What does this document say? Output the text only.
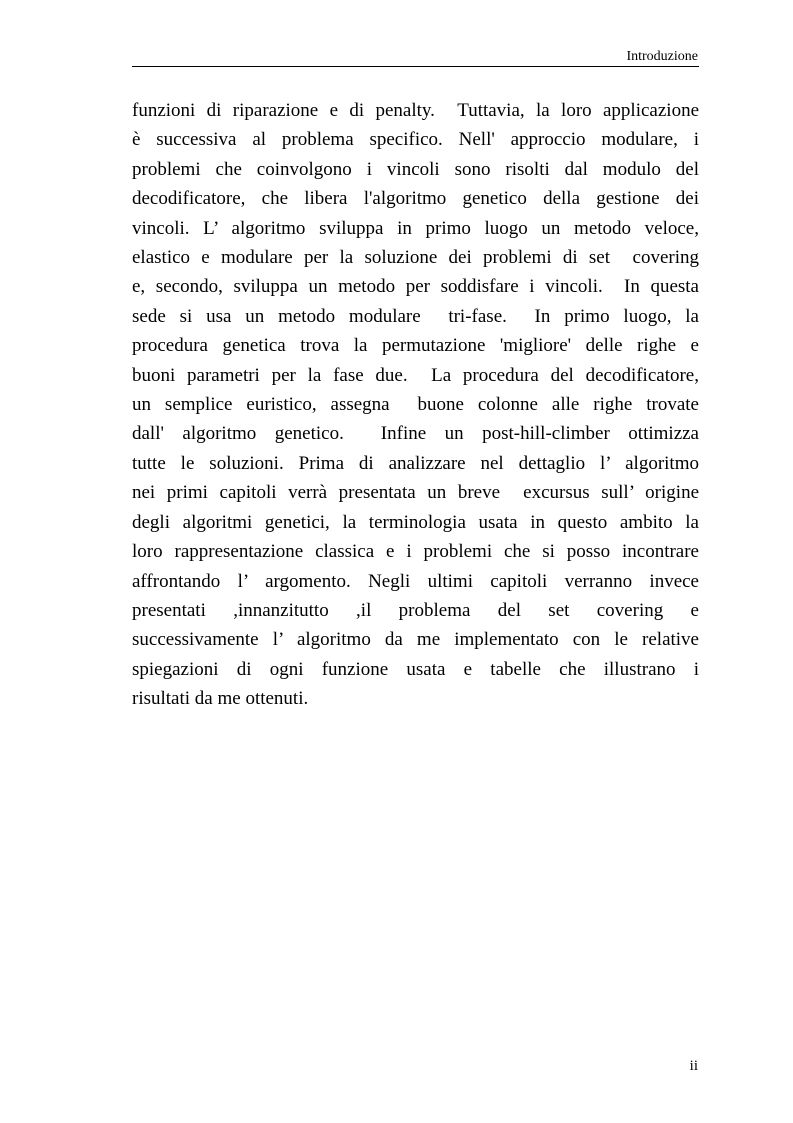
Introduzione
funzioni di riparazione e di penalty.  Tuttavia, la loro applicazione
è successiva al problema specifico. Nell' approccio modulare, i
problemi che coinvolgono i vincoli sono risolti dal modulo del
decodificatore, che libera l'algoritmo genetico della gestione dei
vincoli. L’ algoritmo sviluppa in primo luogo un metodo veloce,
elastico e modulare per la soluzione dei problemi di set  covering
e, secondo, sviluppa un metodo per soddisfare i vincoli.  In questa
sede si usa un metodo modulare  tri-fase.  In primo luogo, la
procedura genetica trova la permutazione 'migliore' delle righe e
buoni parametri per la fase due.  La procedura del decodificatore,
un semplice euristico, assegna  buone colonne alle righe trovate
dall' algoritmo genetico.  Infine un post-hill-climber ottimizza
tutte le soluzioni. Prima di analizzare nel dettaglio l’ algoritmo
nei primi capitoli verrà presentata un breve  excursus sull’ origine
degli algoritmi genetici, la terminologia usata in questo ambito la
loro rappresentazione classica e i problemi che si posso incontrare
affrontando l’ argomento. Negli ultimi capitoli verranno invece
presentati ,innanzitutto ,il problema del set covering e
successivamente l’ algoritmo da me implementato con le relative
spiegazioni di ogni funzione usata e tabelle che illustrano i
risultati da me ottenuti.
ii
